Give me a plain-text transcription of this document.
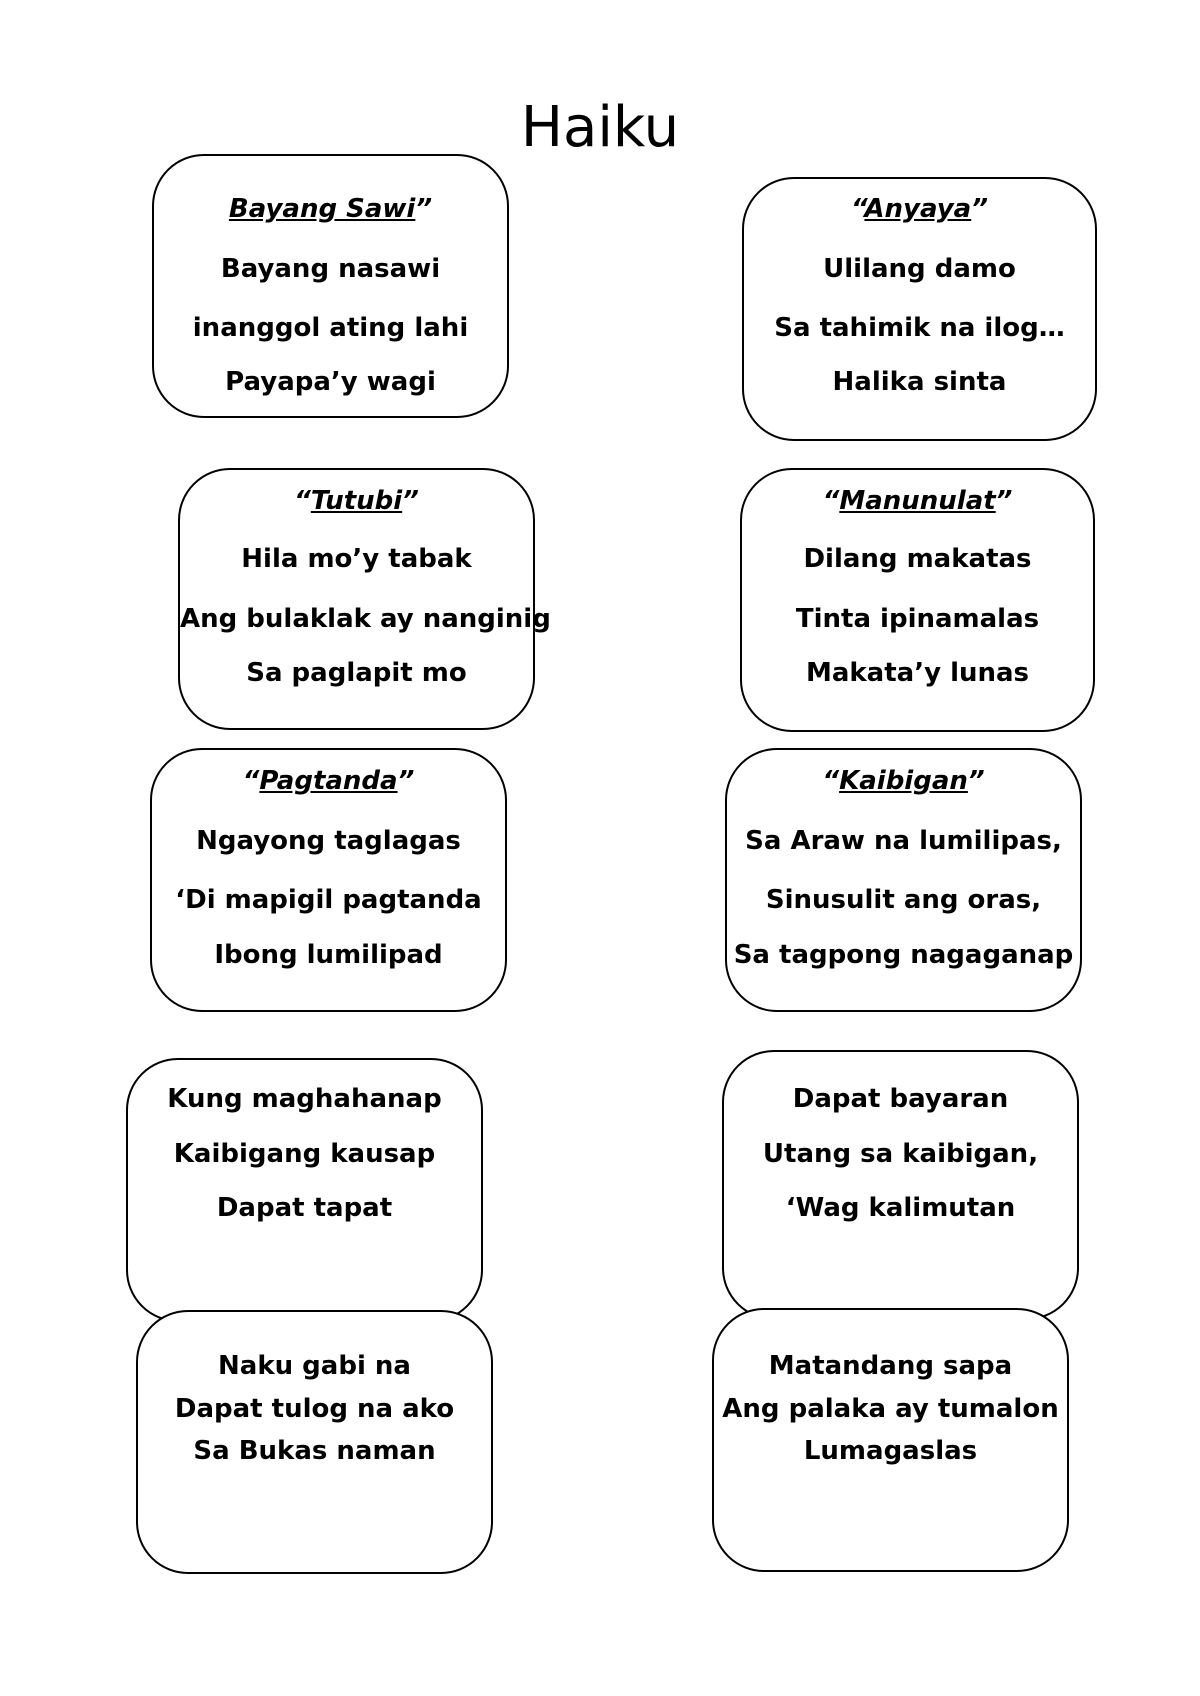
Haiku
Bayang Sawi”
Bayang nasawi
inanggol ating lahi
Payapa’y wagi
“Anyaya”
Ulilang damo
Sa tahimik na ilog…
Halika sinta
“Tutubi”
Hila mo’y tabak
Ang bulaklak ay nanginig
Sa paglapit mo
“Manunulat”
Dilang makatas
Tinta ipinamalas
Makata’y lunas
“Pagtanda”
Ngayong taglagas
‘Di mapigil pagtanda
Ibong lumilipad
“Kaibigan”
Sa Araw na lumilipas,
Sinusulit ang oras,
Sa tagpong nagaganap
Kung maghahanap
Kaibigang kausap
Dapat tapat
Dapat bayaran
Utang sa kaibigan,
‘Wag kalimutan
Naku gabi na
Dapat tulog na ako
Sa Bukas naman
Matandang sapa
Ang palaka ay tumalon
Lumagaslas
